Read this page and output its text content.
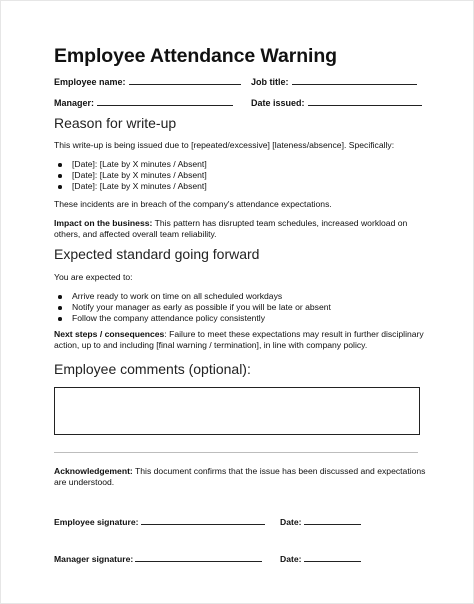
Employee Attendance Warning
Employee name:	Job title:
Manager:	Date issued:
Reason for write-up
This write-up is being issued due to [repeated/excessive] [lateness/absence]. Specifically:
[Date]: [Late by X minutes / Absent]
[Date]: [Late by X minutes / Absent]
[Date]: [Late by X minutes / Absent]
These incidents are in breach of the company's attendance expectations.
Impact on the business: This pattern has disrupted team schedules, increased workload on others, and affected overall team reliability.
Expected standard going forward
You are expected to:
Arrive ready to work on time on all scheduled workdays
Notify your manager as early as possible if you will be late or absent
Follow the company attendance policy consistently
Next steps / consequences: Failure to meet these expectations may result in further disciplinary action, up to and including [final warning / termination], in line with company policy.
Employee comments (optional):
Acknowledgement: This document confirms that the issue has been discussed and expectations are understood.
Employee signature:	Date:
Manager signature:	Date:
